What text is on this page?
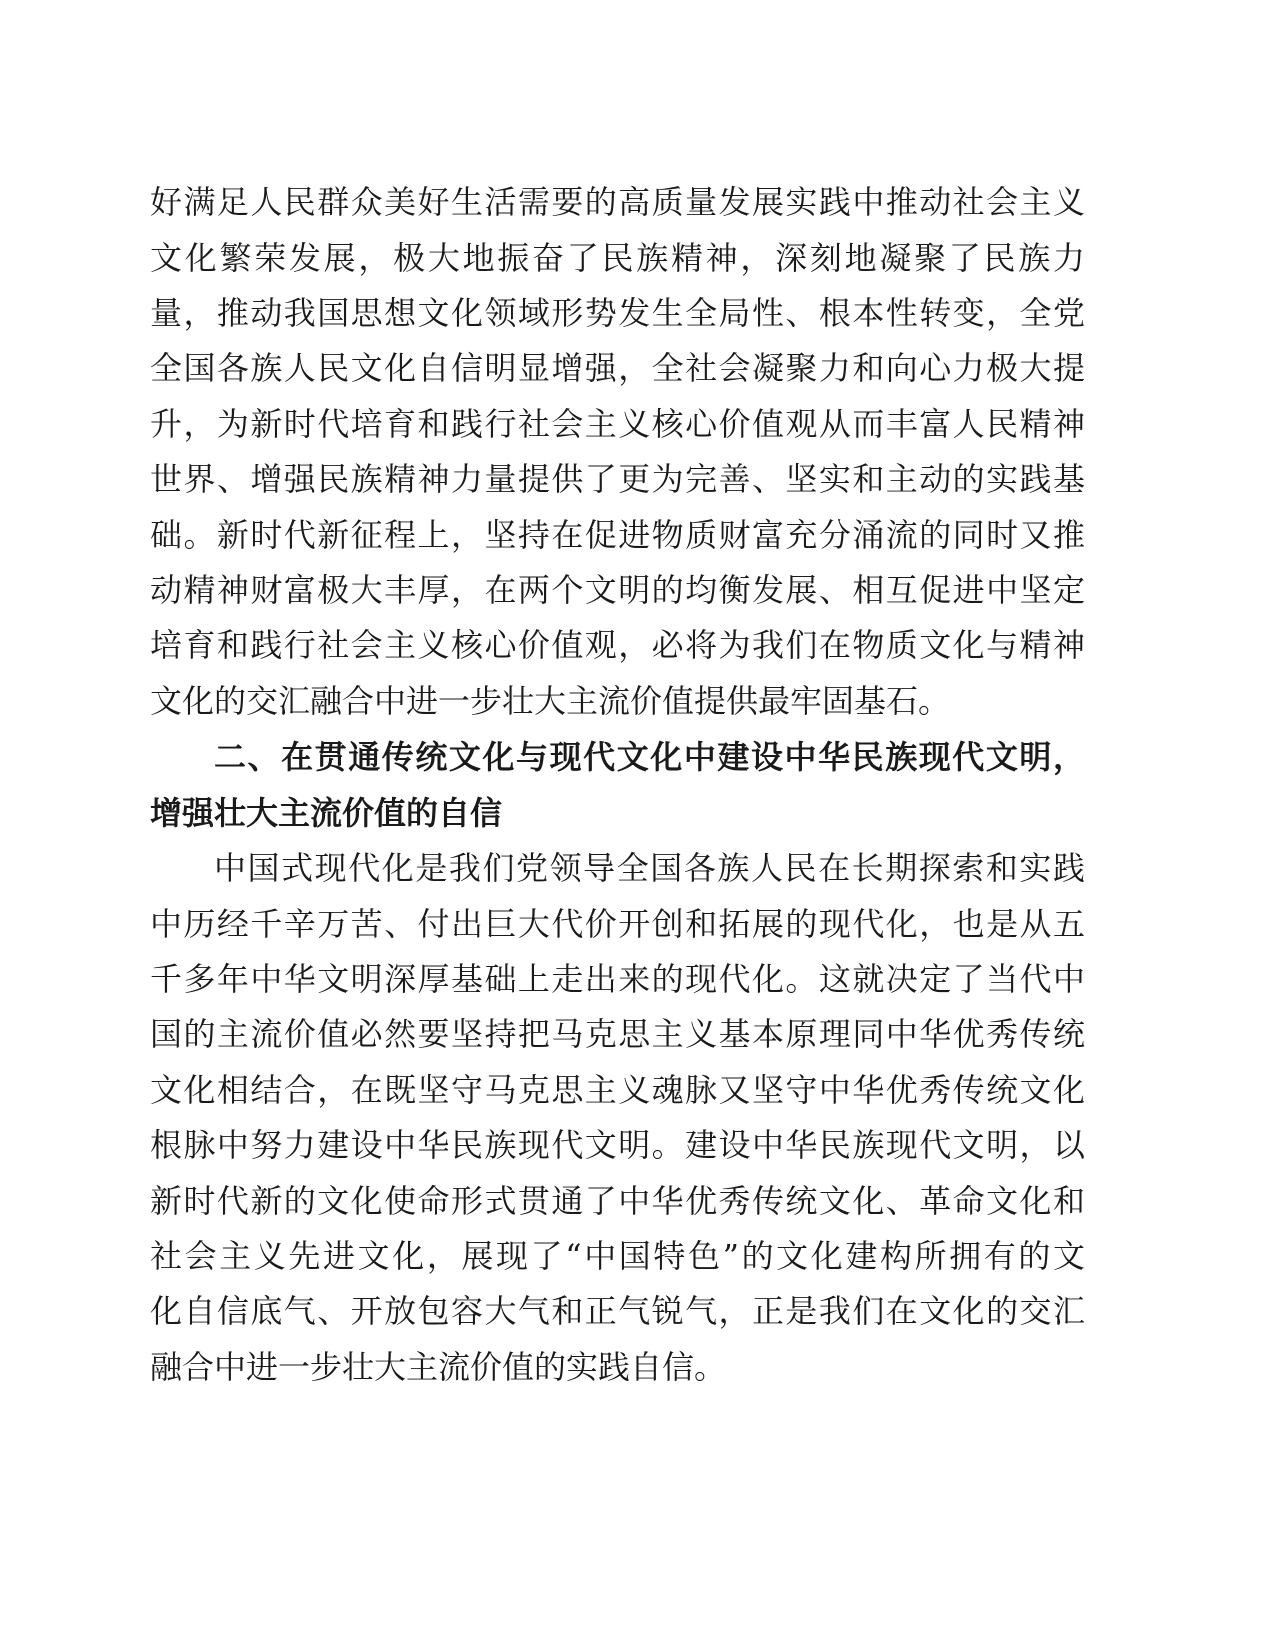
好满足人民群众美好生活需要的高质量发展实践中推动社会主义
文化繁荣发展，极大地振奋了民族精神，深刻地凝聚了民族力
量，推动我国思想文化领域形势发生全局性、根本性转变，全党
全国各族人民文化自信明显增强，全社会凝聚力和向心力极大提
升，为新时代培育和践行社会主义核心价值观从而丰富人民精神
世界、增强民族精神力量提供了更为完善、坚实和主动的实践基
础。新时代新征程上，坚持在促进物质财富充分涌流的同时又推
动精神财富极大丰厚，在两个文明的均衡发展、相互促进中坚定
培育和践行社会主义核心价值观，必将为我们在物质文化与精神
文化的交汇融合中进一步壮大主流价值提供最牢固基石。
二、在贯通传统文化与现代文化中建设中华民族现代文明，
增强壮大主流价值的自信
中国式现代化是我们党领导全国各族人民在长期探索和实践
中历经千辛万苦、付出巨大代价开创和拓展的现代化，也是从五
千多年中华文明深厚基础上走出来的现代化。这就决定了当代中
国的主流价值必然要坚持把马克思主义基本原理同中华优秀传统
文化相结合，在既坚守马克思主义魂脉又坚守中华优秀传统文化
根脉中努力建设中华民族现代文明。建设中华民族现代文明，以
新时代新的文化使命形式贯通了中华优秀传统文化、革命文化和
社会主义先进文化，展现了“中国特色”的文化建构所拥有的文
化自信底气、开放包容大气和正气锐气，正是我们在文化的交汇
融合中进一步壮大主流价值的实践自信。
